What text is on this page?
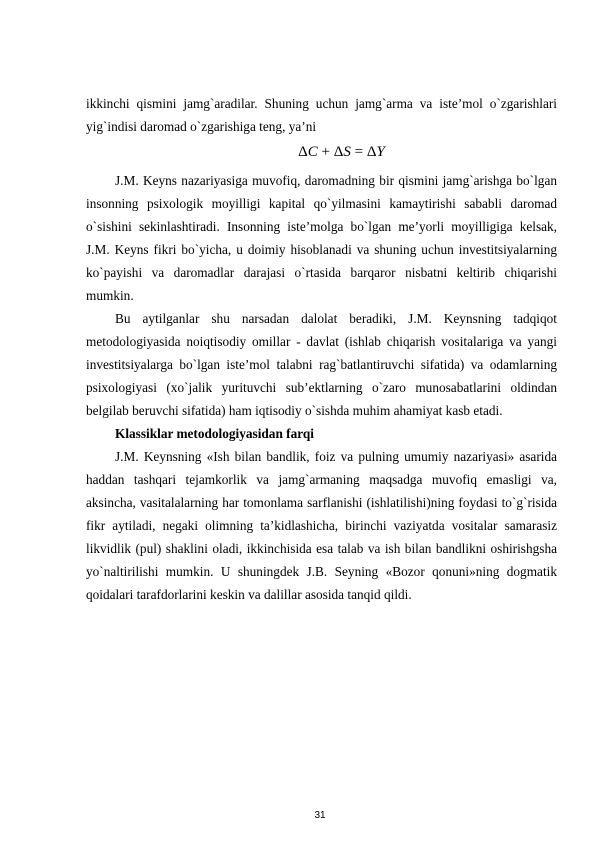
ikkinchi qismini jamg`aradilar. Shuning uchun jamg`arma va iste’mol o`zgarishlari yig`indisi daromad o`zgarishiga teng, ya’ni

ΔC + ΔS = ΔY

J.M. Keyns nazariyasiga muvofiq, daromadning bir qismini jamg`arishga bo`lgan insonning psixologik moyilligi kapital qo`yilmasini kamaytirishi sababli daromad o`sishini sekinlashtiradi. Insonning iste’molga bo`lgan me’yorli moyilligiga kelsak, J.M. Keyns fikri bo`yicha, u doimiy hisoblanadi va shuning uchun investitsiyalarning ko`payishi va daromadlar darajasi o`rtasida barqaror nisbatni keltirib chiqarishi mumkin.

Bu aytilganlar shu narsadan dalolat beradiki, J.M. Keynsning tadqiqot metodologiyasida noiqtisodiy omillar - davlat (ishlab chiqarish vositalariga va yangi investitsiyalarga bo`lgan iste’mol talabni rag`batlantiruvchi sifatida) va odamlarning psixologiyasi (xo`jalik yurituvchi sub’ektlarning o`zaro munosabatlarini oldindan belgilab beruvchi sifatida) ham iqtisodiy o`sishda muhim ahamiyat kasb etadi.

Klassiklar metodologiyasidan farqi

J.M. Keynsning «Ish bilan bandlik, foiz va pulning umumiy nazariyasi» asarida haddan tashqari tejamkorlik va jamg`armaning maqsadga muvofiq emasligi va, aksincha, vasitalalarning har tomonlama sarflanishi (ishlatilishi)ning foydasi to`g`risida fikr aytiladi, negaki olimning ta’kidlashicha, birinchi vaziyatda vositalar samarasiz likvidlik (pul) shaklini oladi, ikkinchisida esa talab va ish bilan bandlikni oshirishgsha yo`naltirilishi mumkin. U shuningdek J.B. Seyning «Bozor qonuni»ning dogmatik qoidalari tarafdorlarini keskin va dalillar asosida tanqid qildi.

31
